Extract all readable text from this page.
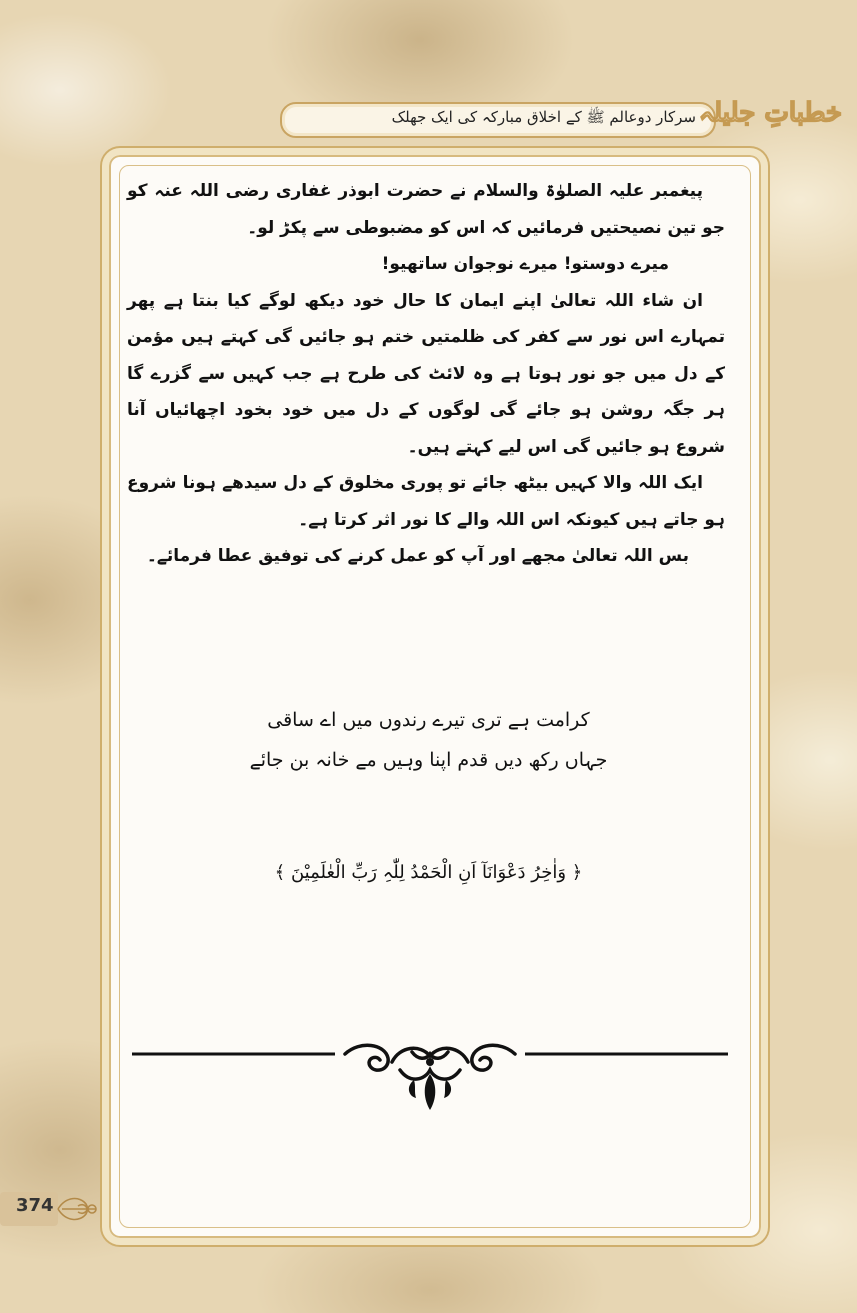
سرکار دوعالم ﷺ کے اخلاق مبارکہ کی ایک جھلک خطباتِ جلیلہ

پیغمبر علیہ الصلوٰۃ والسلام نے حضرت ابوذر غفاری رضی اللہ عنہ کو جو تین نصیحتیں فرمائیں کہ اس کو مضبوطی سے پکڑ لو۔

میرے دوستو! میرے نوجوان ساتھیو!

ان شاء اللہ تعالیٰ اپنے ایمان کا حال خود دیکھ لوگے کیا بنتا ہے پھر تمہارے اس نور سے کفر کی ظلمتیں ختم ہو جائیں گی کہتے ہیں مؤمن کے دل میں جو نور ہوتا ہے وہ لائٹ کی طرح ہے جب کہیں سے گزرے گا ہر جگہ روشن ہو جائے گی لوگوں کے دل میں خود بخود اچھائیاں آنا شروع ہو جائیں گی اس لیے کہتے ہیں۔

ایک اللہ والا کہیں بیٹھ جائے تو پوری مخلوق کے دل سیدھے ہونا شروع ہو جاتے ہیں کیونکہ اس اللہ والے کا نور اثر کرتا ہے۔

بس اللہ تعالیٰ مجھے اور آپ کو عمل کرنے کی توفیق عطا فرمائے۔

کرامت ہے تری تیرے رندوں میں اے ساقی
جہاں رکھ دیں قدم اپنا وہیں مے خانہ بن جائے
﴿ وَاٰخِرُ دَعْوَانَآ اَنِ الْحَمْدُ لِلّٰہِ رَبِّ الْعٰلَمِیْنَ ﴾
374
